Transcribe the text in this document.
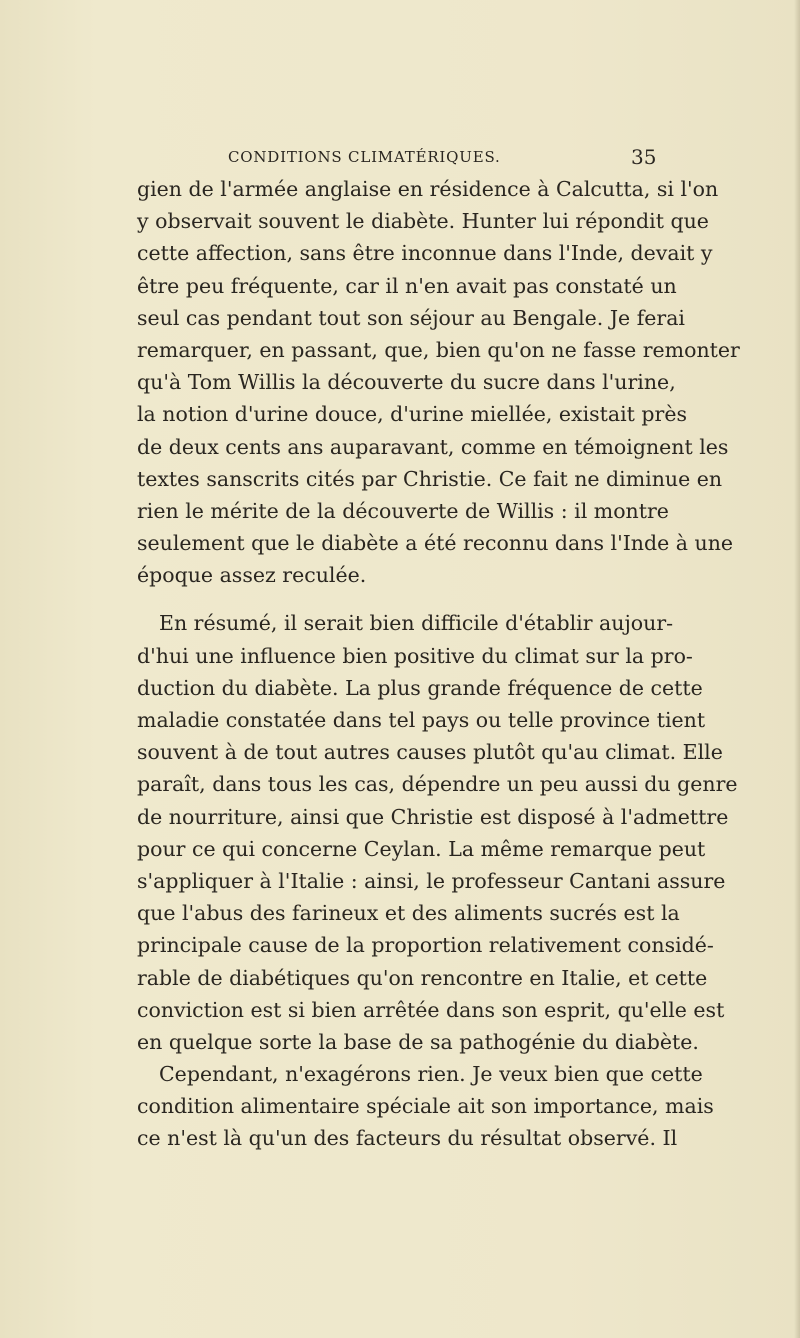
CONDITIONS CLIMATÉRIQUES.	35
gien de l'armée anglaise en résidence à Calcutta, si l'on
y observait souvent le diabète. Hunter lui répondit que
cette affection, sans être inconnue dans l'Inde, devait y
être peu fréquente, car il n'en avait pas constaté un
seul cas pendant tout son séjour au Bengale. Je ferai
remarquer, en passant, que, bien qu'on ne fasse remonter
qu'à Tom Willis la découverte du sucre dans l'urine,
la notion d'urine douce, d'urine miellée, existait près
de deux cents ans auparavant, comme en témoignent les
textes sanscrits cités par Christie. Ce fait ne diminue en
rien le mérite de la découverte de Willis : il montre
seulement que le diabète a été reconnu dans l'Inde à une
époque assez reculée.
En résumé, il serait bien difficile d'établir aujour-
d'hui une influence bien positive du climat sur la pro-
duction du diabète. La plus grande fréquence de cette
maladie constatée dans tel pays ou telle province tient
souvent à de tout autres causes plutôt qu'au climat. Elle
paraît, dans tous les cas, dépendre un peu aussi du genre
de nourriture, ainsi que Christie est disposé à l'admettre
pour ce qui concerne Ceylan. La même remarque peut
s'appliquer à l'Italie : ainsi, le professeur Cantani assure
que l'abus des farineux et des aliments sucrés est la
principale cause de la proportion relativement considé-
rable de diabétiques qu'on rencontre en Italie, et cette
conviction est si bien arrêtée dans son esprit, qu'elle est
en quelque sorte la base de sa pathogénie du diabète.
Cependant, n'exagérons rien. Je veux bien que cette
condition alimentaire spéciale ait son importance, mais
ce n'est là qu'un des facteurs du résultat observé. Il
